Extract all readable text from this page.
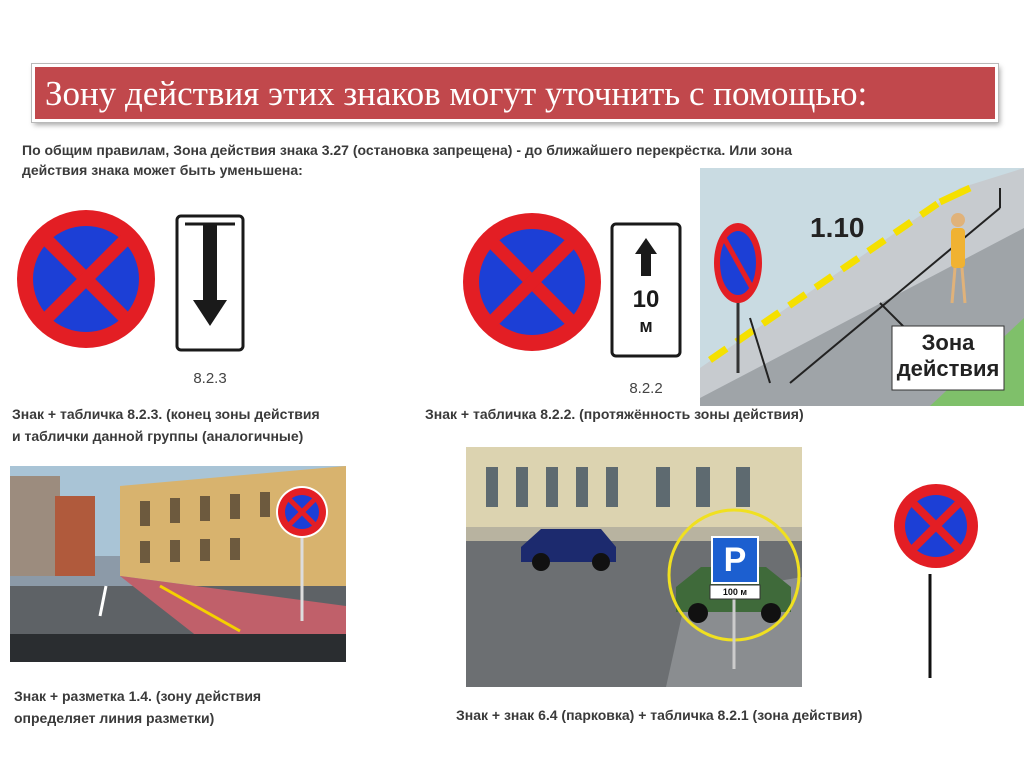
Зону действия этих знаков могут уточнить с помощью:
По общим правилам, Зона действия знака 3.27 (остановка запрещена) - до ближайшего перекрёстка. Или зона
действия знака может быть уменьшена:
8.2.3
10
м
8.2.2
1.10
Зона
действия
Знак + табличка 8.2.3. (конец зоны действия
и таблички данной группы (аналогичные)
Знак + табличка 8.2.2. (протяжённость зоны действия)
P
100 м
Знак + разметка 1.4. (зону действия
определяет линия разметки)	Знак + знак 6.4 (парковка) + табличка 8.2.1 (зона действия)
